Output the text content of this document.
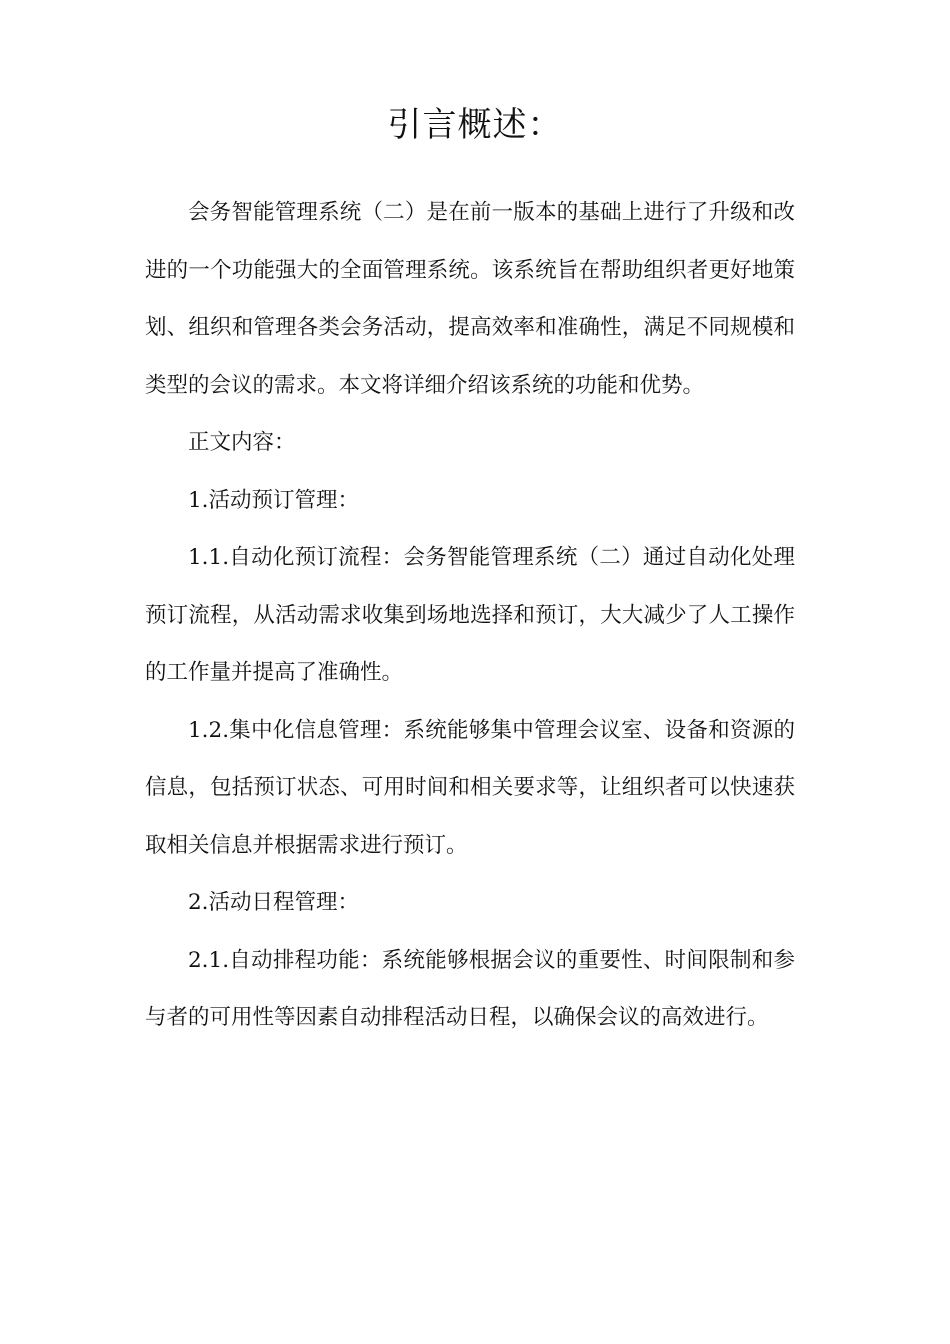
引言概述：

会务智能管理系统（二）是在前一版本的基础上进行了升级和改进的一个功能强大的全面管理系统。该系统旨在帮助组织者更好地策划、组织和管理各类会务活动，提高效率和准确性，满足不同规模和类型的会议的需求。本文将详细介绍该系统的功能和优势。

正文内容：

1.活动预订管理：

1.1.自动化预订流程：会务智能管理系统（二）通过自动化处理预订流程，从活动需求收集到场地选择和预订，大大减少了人工操作的工作量并提高了准确性。

1.2.集中化信息管理：系统能够集中管理会议室、设备和资源的信息，包括预订状态、可用时间和相关要求等，让组织者可以快速获取相关信息并根据需求进行预订。

2.活动日程管理：

2.1.自动排程功能：系统能够根据会议的重要性、时间限制和参与者的可用性等因素自动排程活动日程，以确保会议的高效进行。
